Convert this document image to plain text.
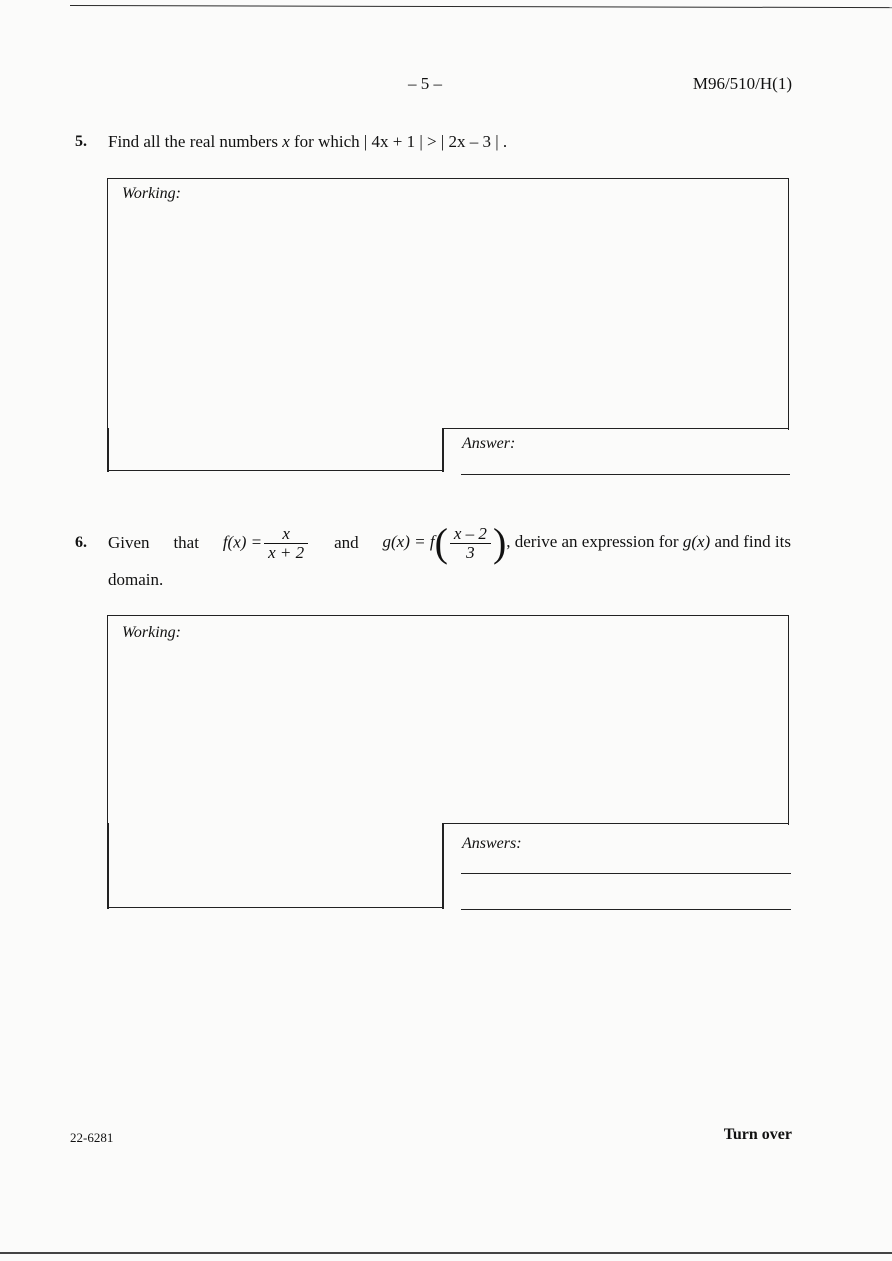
– 5 –	M96/510/H(1)
5. Find all the real numbers x for which | 4x + 1 | > | 2x – 3 | .
Working:
Answer:
6. Given that $f(x) = \frac{x}{x + 2}$ and $g(x) = f( \frac{x - 2}{3}$ ), derive an expression for g(x) and find its
domain.
Working:
Answers:
22-6281	Turn over
